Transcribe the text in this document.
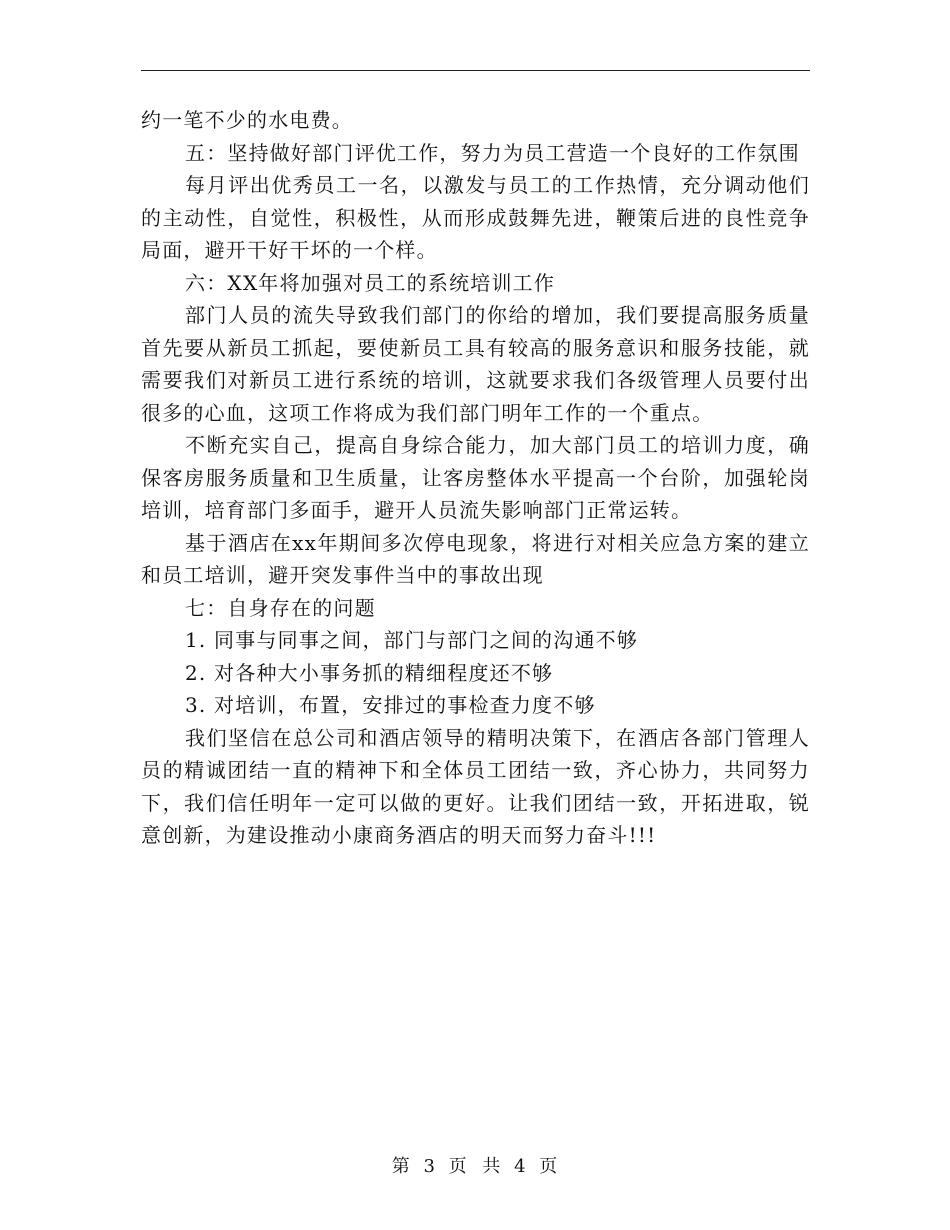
约一笔不少的水电费。

五：坚持做好部门评优工作，努力为员工营造一个良好的工作氛围

每月评出优秀员工一名，以激发与员工的工作热情，充分调动他们的主动性，自觉性，积极性，从而形成鼓舞先进，鞭策后进的良性竞争局面，避开干好干坏的一个样。

六：XX年将加强对员工的系统培训工作

部门人员的流失导致我们部门的你给的增加，我们要提高服务质量首先要从新员工抓起，要使新员工具有较高的服务意识和服务技能，就需要我们对新员工进行系统的培训，这就要求我们各级管理人员要付出很多的心血，这项工作将成为我们部门明年工作的一个重点。

不断充实自己，提高自身综合能力，加大部门员工的培训力度，确保客房服务质量和卫生质量，让客房整体水平提高一个台阶，加强轮岗培训，培育部门多面手，避开人员流失影响部门正常运转。

基于酒店在xx年期间多次停电现象，将进行对相关应急方案的建立和员工培训，避开突发事件当中的事故出现

七：自身存在的问题

1. 同事与同事之间，部门与部门之间的沟通不够

2. 对各种大小事务抓的精细程度还不够

3. 对培训，布置，安排过的事检查力度不够

我们坚信在总公司和酒店领导的精明决策下，在酒店各部门管理人员的精诚团结一直的精神下和全体员工团结一致，齐心协力，共同努力下，我们信任明年一定可以做的更好。让我们团结一致，开拓进取，锐意创新，为建设推动小康商务酒店的明天而努力奋斗!!!

第 3 页 共 4 页
